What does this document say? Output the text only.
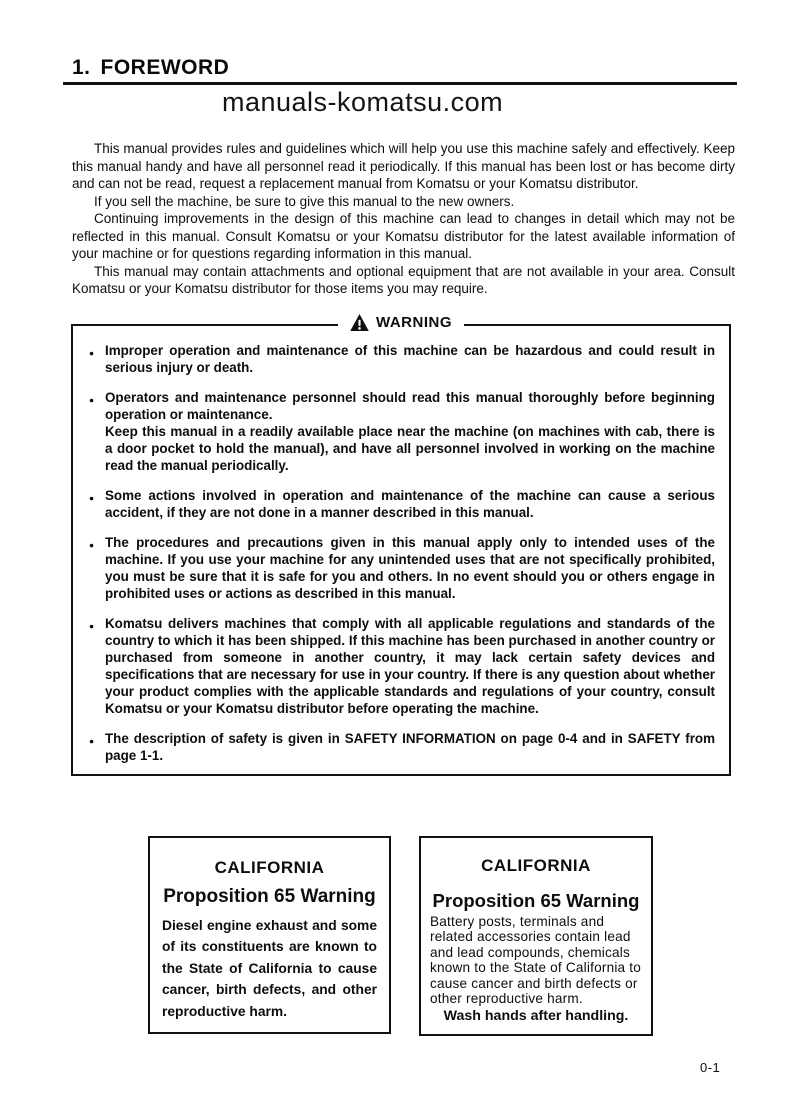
1. FOREWORD
manuals-komatsu.com

This manual provides rules and guidelines which will help you use this machine safely and effectively. Keep this manual handy and have all personnel read it periodically. If this manual has been lost or has become dirty and can not be read, request a replacement manual from Komatsu or your Komatsu distributor.

If you sell the machine, be sure to give this manual to the new owners.

Continuing improvements in the design of this machine can lead to changes in detail which may not be reflected in this manual. Consult Komatsu or your Komatsu distributor for the latest available information of your machine or for questions regarding information in this manual.

This manual may contain attachments and optional equipment that are not available in your area. Consult Komatsu or your Komatsu distributor for those items you may require.

WARNING

● Improper operation and maintenance of this machine can be hazardous and could result in serious injury or death.

● Operators and maintenance personnel should read this manual thoroughly before beginning operation or maintenance.

Keep this manual in a readily available place near the machine (on machines with cab, there is a door pocket to hold the manual), and have all personnel involved in working on the machine read the manual periodically.

● Some actions involved in operation and maintenance of the machine can cause a serious accident, if they are not done in a manner described in this manual.

● The procedures and precautions given in this manual apply only to intended uses of the machine. If you use your machine for any unintended uses that are not specifically prohibited, you must be sure that it is safe for you and others. In no event should you or others engage in prohibited uses or actions as described in this manual.

● Komatsu delivers machines that comply with all applicable regulations and standards of the country to which it has been shipped. If this machine has been purchased in another country or purchased from someone in another country, it may lack certain safety devices and specifications that are necessary for use in your country. If there is any question about whether your product complies with the applicable standards and regulations of your country, consult Komatsu or your Komatsu distributor before operating the machine.

● The description of safety is given in SAFETY INFORMATION on page 0-4 and in SAFETY from page 1-1.

CALIFORNIA
Proposition 65 Warning

Diesel engine exhaust and some of its constituents are known to the State of California to cause cancer, birth defects, and other reproductive harm.

CALIFORNIA
Proposition 65 Warning

Battery posts, terminals and related accessories contain lead and lead compounds, chemicals known to the State of California to cause cancer and birth defects or other reproductive harm.

Wash hands after handling.
0-1
